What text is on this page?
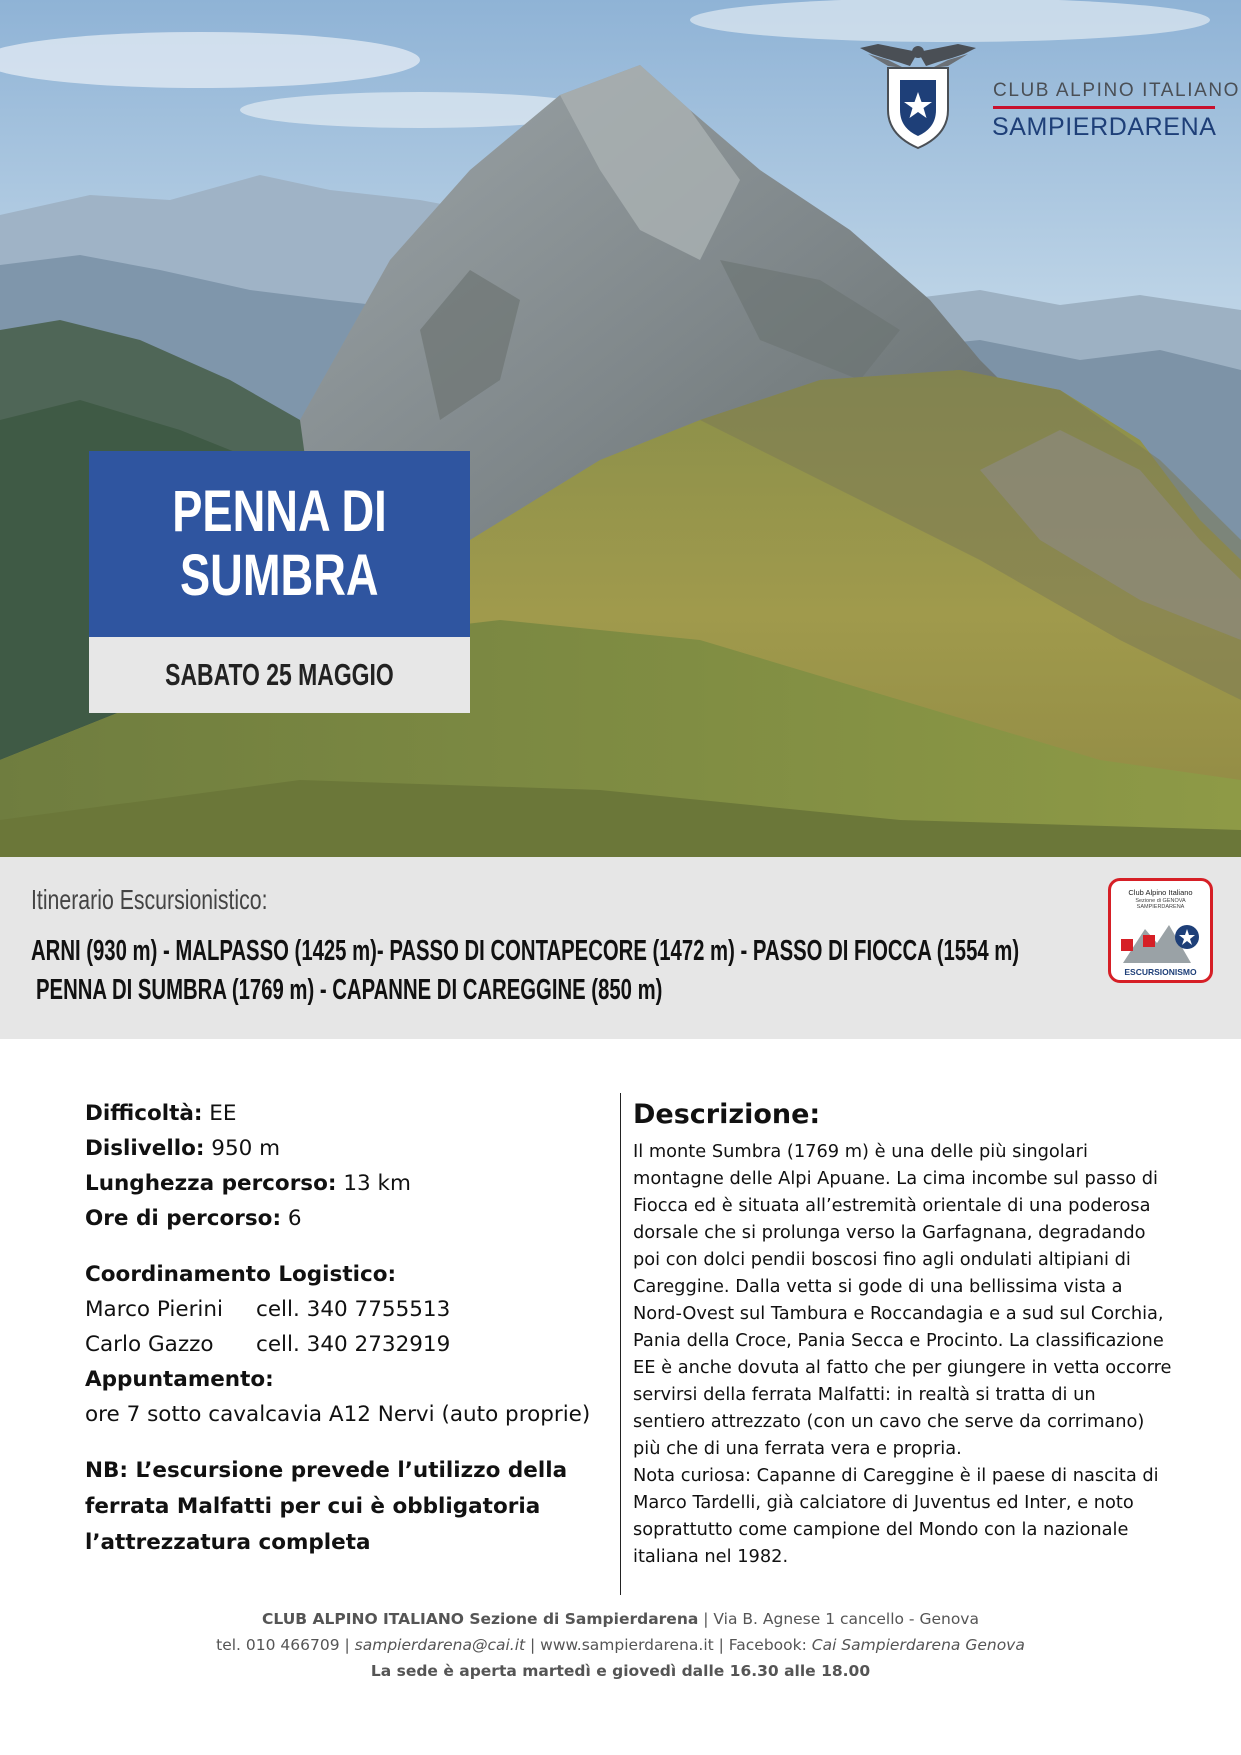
CLUB ALPINO ITALIANO
SAMPIERDARENA
PENNA DI
SUMBRA
SABATO 25 MAGGIO
Itinerario Escursionistico:
ARNI (930 m) - MALPASSO (1425 m)- PASSO DI CONTAPECORE (1472 m) - PASSO DI FIOCCA (1554 m)
PENNA DI SUMBRA (1769 m) - CAPANNE DI CAREGGINE (850 m)
Club Alpino Italiano
Sezione di GENOVA SAMPIERDARENA
ESCURSIONISMO
Difficoltà: EE
Dislivello: 950 m
Lunghezza percorso: 13 km
Ore di percorso: 6
Coordinamento Logistico:
Marco Pierini cell. 340 7755513
Carlo Gazzo cell. 340 2732919
Appuntamento:
ore 7 sotto cavalcavia A12 Nervi (auto proprie)
NB: L’escursione prevede l’utilizzo della ferrata Malfatti per cui è obbligatoria l’attrezzatura completa
Descrizione:

Il monte Sumbra (1769 m) è una delle più singolari montagne delle Alpi Apuane. La cima incombe sul passo di Fiocca ed è situata all’estremità orientale di una poderosa dorsale che si prolunga verso la Garfagnana, degradando poi con dolci pendii boscosi fino agli ondulati altipiani di Careggine. Dalla vetta si gode di una bellissima vista a Nord-Ovest sul Tambura e Roccandagia e a sud sul Corchia, Pania della Croce, Pania Secca e Procinto. La classificazione EE è anche dovuta al fatto che per giungere in vetta occorre servirsi della ferrata Malfatti: in realtà si tratta di un sentiero attrezzato (con un cavo che serve da corrimano) più che di una ferrata vera e propria.

Nota curiosa: Capanne di Careggine è il paese di nascita di Marco Tardelli, già calciatore di Juventus ed Inter, e noto soprattutto come campione del Mondo con la nazionale italiana nel 1982.

CLUB ALPINO ITALIANO Sezione di Sampierdarena | Via B. Agnese 1 cancello - Genova
tel. 010 466709 | sampierdarena@cai.it | www.sampierdarena.it | Facebook: Cai Sampierdarena Genova
La sede è aperta martedì e giovedì dalle 16.30 alle 18.00
